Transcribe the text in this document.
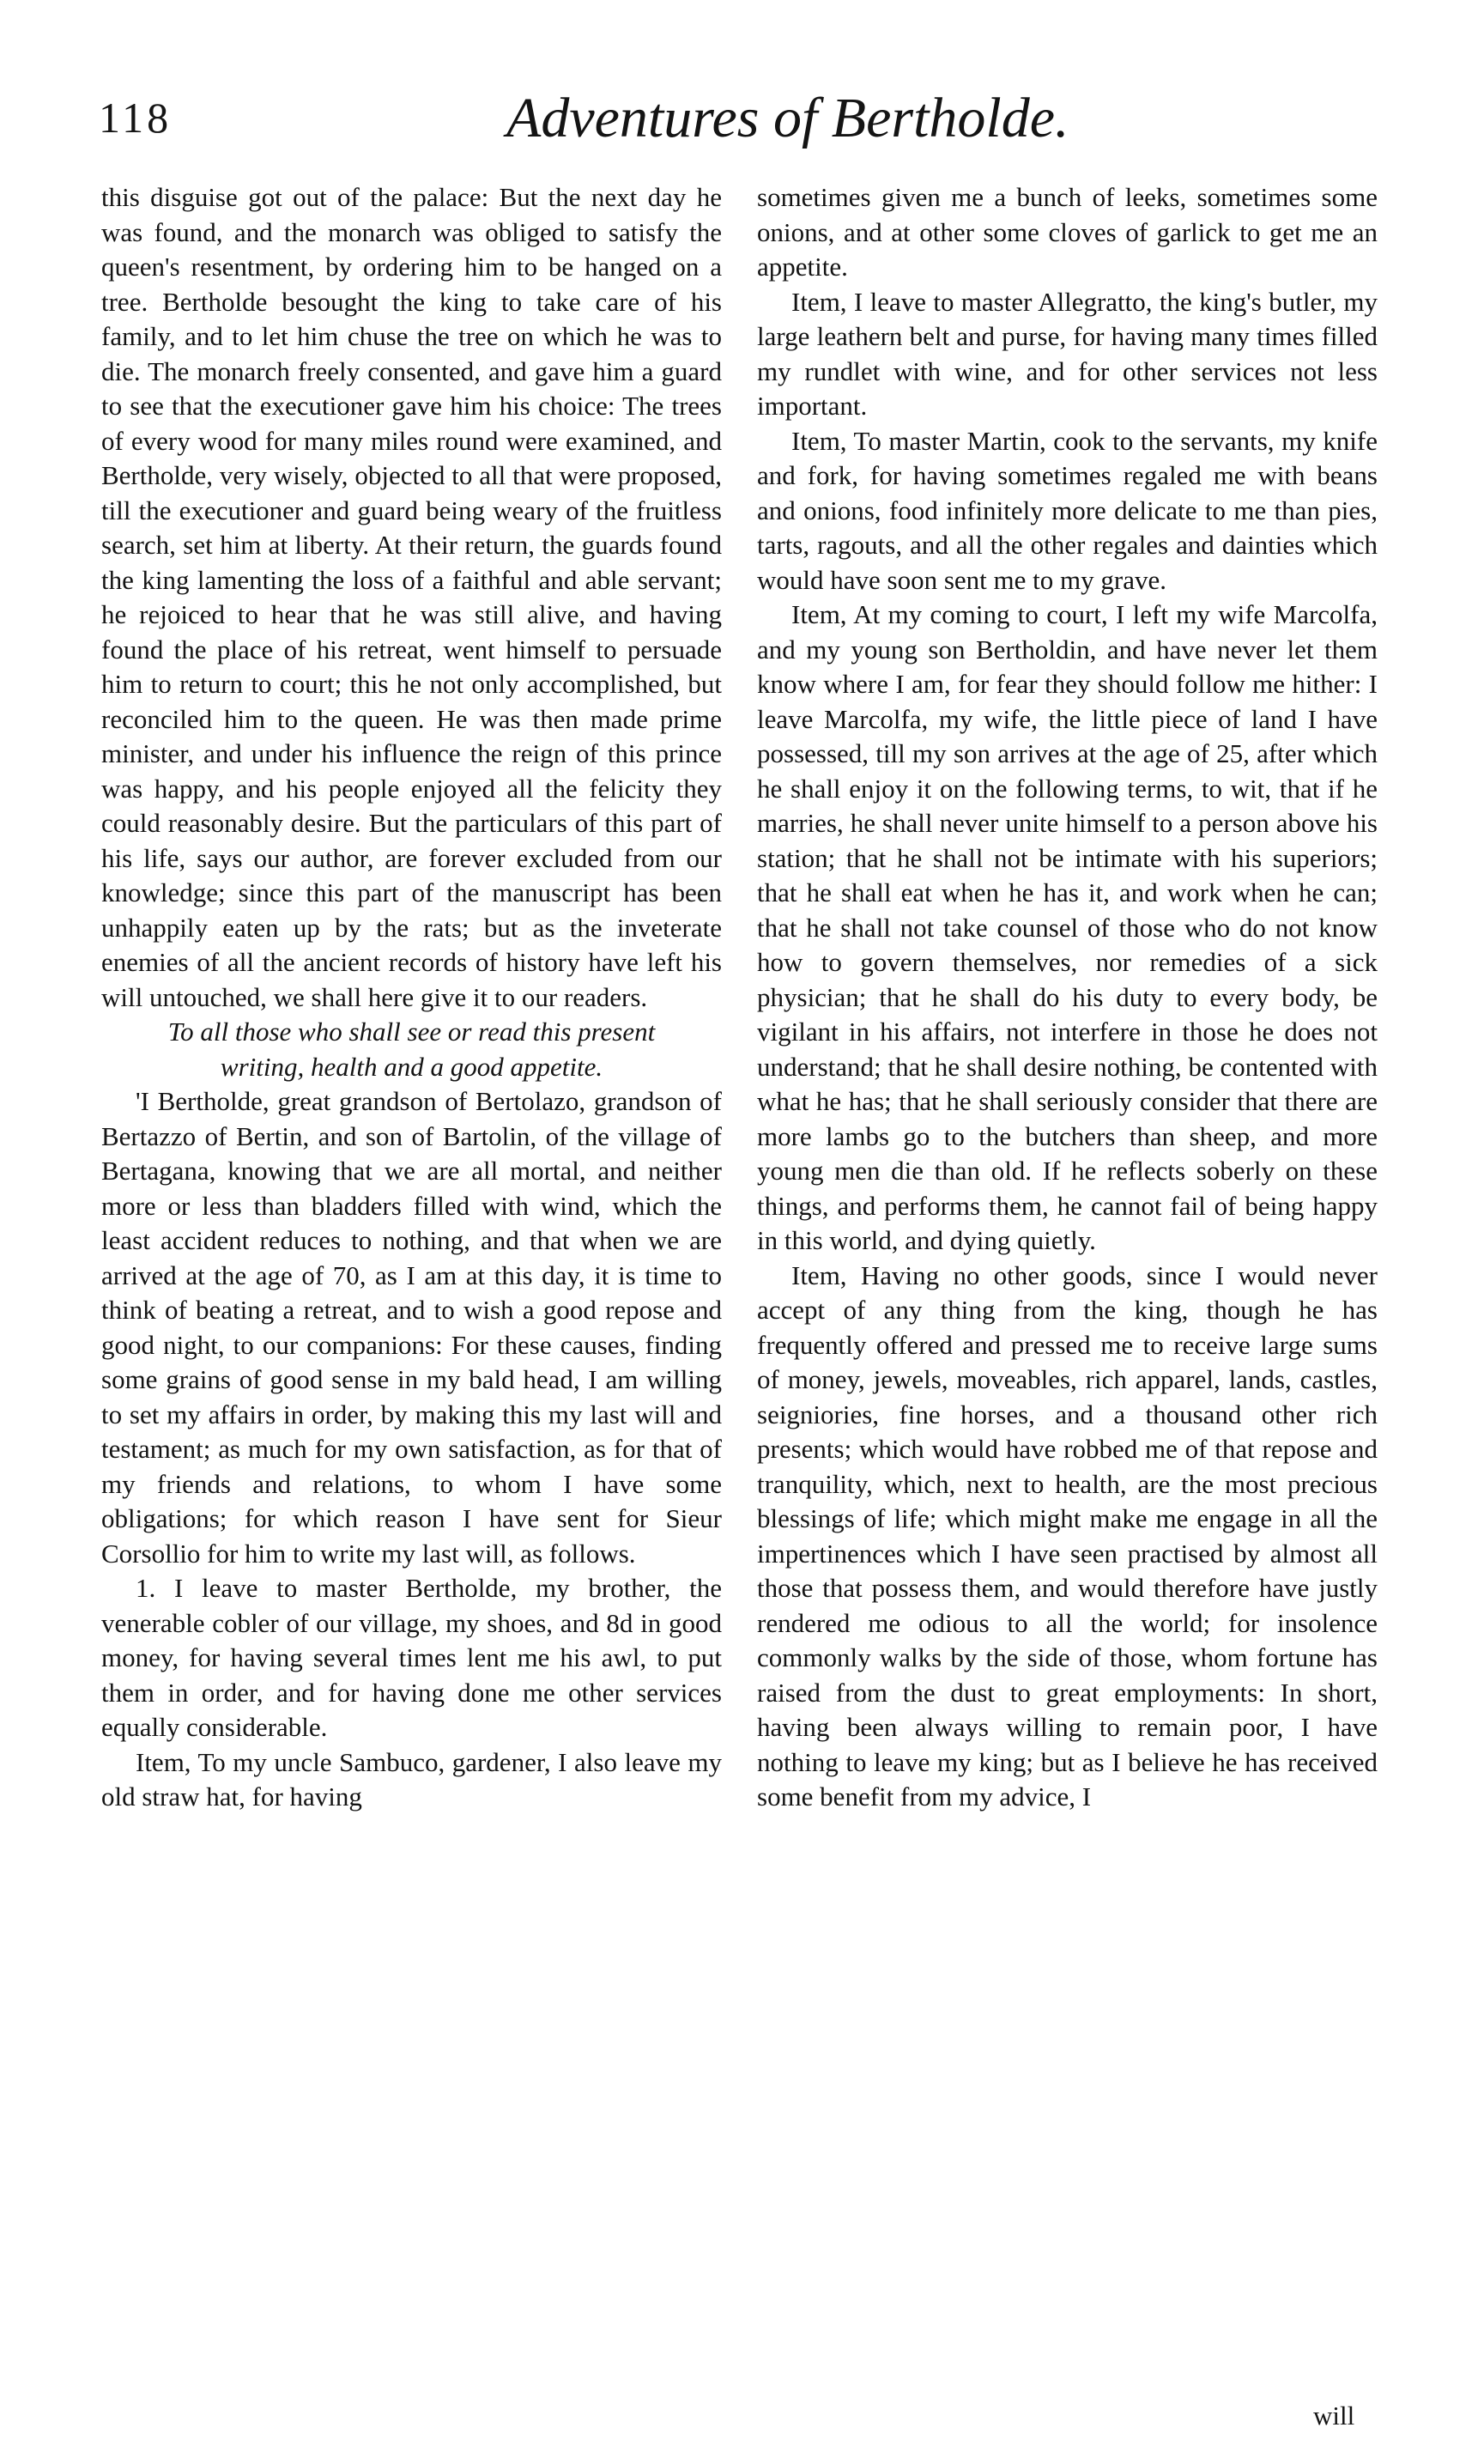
118	Adventures of Bertholde.

this disguise got out of the palace: But the next day he was found, and the monarch was obliged to satisfy the queen's resentment, by ordering him to be hanged on a tree. Bertholde besought the king to take care of his family, and to let him chuse the tree on which he was to die. The monarch freely consented, and gave him a guard to see that the executioner gave him his choice: The trees of every wood for many miles round were examined, and Bertholde, very wisely, objected to all that were proposed, till the executioner and guard being weary of the fruitless search, set him at liberty. At their return, the guards found the king lamenting the loss of a faithful and able servant; he rejoiced to hear that he was still alive, and having found the place of his retreat, went himself to persuade him to return to court; this he not only accomplished, but reconciled him to the queen. He was then made prime minister, and under his influence the reign of this prince was happy, and his people enjoyed all the felicity they could reasonably desire. But the particulars of this part of his life, says our author, are forever excluded from our knowledge; since this part of the manuscript has been unhappily eaten up by the rats; but as the inveterate enemies of all the ancient records of history have left his will untouched, we shall here give it to our readers.

To all those who shall see or read this present
writing, health and a good appetite.

'I Bertholde, great grandson of Bertolazo, grandson of Bertazzo of Bertin, and son of Bartolin, of the village of Bertagana, knowing that we are all mortal, and neither more or less than bladders filled with wind, which the least accident reduces to nothing, and that when we are arrived at the age of 70, as I am at this day, it is time to think of beating a retreat, and to wish a good repose and good night, to our companions: For these causes, finding some grains of good sense in my bald head, I am willing to set my affairs in order, by making this my last will and testament; as much for my own satisfaction, as for that of my friends and relations, to whom I have some obligations; for which reason I have sent for Sieur Corsollio for him to write my last will, as follows.

1. I leave to master Bertholde, my brother, the venerable cobler of our village, my shoes, and 8d in good money, for having several times lent me his awl, to put them in order, and for having done me other services equally considerable.

Item, To my uncle Sambuco, gardener, I also leave my old straw hat, for having

sometimes given me a bunch of leeks, sometimes some onions, and at other some cloves of garlick to get me an appetite.

Item, I leave to master Allegratto, the king's butler, my large leathern belt and purse, for having many times filled my rundlet with wine, and for other services not less important.

Item, To master Martin, cook to the servants, my knife and fork, for having sometimes regaled me with beans and onions, food infinitely more delicate to me than pies, tarts, ragouts, and all the other regales and dainties which would have soon sent me to my grave.

Item, At my coming to court, I left my wife Marcolfa, and my young son Bertholdin, and have never let them know where I am, for fear they should follow me hither: I leave Marcolfa, my wife, the little piece of land I have possessed, till my son arrives at the age of 25, after which he shall enjoy it on the following terms, to wit, that if he marries, he shall never unite himself to a person above his station; that he shall not be intimate with his superiors; that he shall eat when he has it, and work when he can; that he shall not take counsel of those who do not know how to govern themselves, nor remedies of a sick physician; that he shall do his duty to every body, be vigilant in his affairs, not interfere in those he does not understand; that he shall desire nothing, be contented with what he has; that he shall seriously consider that there are more lambs go to the butchers than sheep, and more young men die than old. If he reflects soberly on these things, and performs them, he cannot fail of being happy in this world, and dying quietly.

Item, Having no other goods, since I would never accept of any thing from the king, though he has frequently offered and pressed me to receive large sums of money, jewels, moveables, rich apparel, lands, castles, seigniories, fine horses, and a thousand other rich presents; which would have robbed me of that repose and tranquility, which, next to health, are the most precious blessings of life; which might make me engage in all the impertinences which I have seen practised by almost all those that possess them, and would therefore have justly rendered me odious to all the world; for insolence commonly walks by the side of those, whom fortune has raised from the dust to great employments: In short, having been always willing to remain poor, I have nothing to leave my king; but as I believe he has received some benefit from my advice, I

will
